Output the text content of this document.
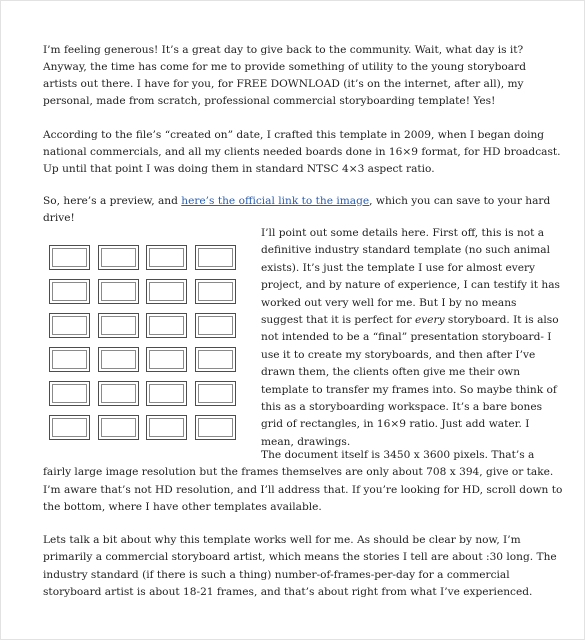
I’m feeling generous! It’s a great day to give back to the community. Wait, what day is it? Anyway, the time has come for me to provide something of utility to the young storyboard artists out there. I have for you, for FREE DOWNLOAD (it’s on the internet, after all), my personal, made from scratch, professional commercial storyboarding template! Yes!

According to the file’s “created on” date, I crafted this template in 2009, when I began doing national commercials, and all my clients needed boards done in 16×9 format, for HD broadcast. Up until that point I was doing them in standard NTSC 4×3 aspect ratio.

So, here’s a preview, and here’s the official link to the image, which you can save to your hard drive!

I’ll point out some details here. First off, this is not a definitive industry standard template (no such animal exists). It’s just the template I use for almost every project, and by nature of experience, I can testify it has worked out very well for me. But I by no means suggest that it is perfect for every storyboard. It is also not intended to be a “final” presentation storyboard- I use it to create my storyboards, and then after I’ve drawn them, the clients often give me their own template to transfer my frames into. So maybe think of this as a storyboarding workspace. It’s a bare bones grid of rectangles, in 16×9 ratio. Just add water. I mean, drawings.

The document itself is 3450 x 3600 pixels. That’s a fairly large image resolution but the frames themselves are only about 708 x 394, give or take. I’m aware that’s not HD resolution, and I’ll address that. If you’re looking for HD, scroll down to the bottom, where I have other templates available.

Lets talk a bit about why this template works well for me. As should be clear by now, I’m primarily a commercial storyboard artist, which means the stories I tell are about :30 long. The industry standard (if there is such a thing) number-of-frames-per-day for a commercial storyboard artist is about 18-21 frames, and that’s about right from what I’ve experienced.
